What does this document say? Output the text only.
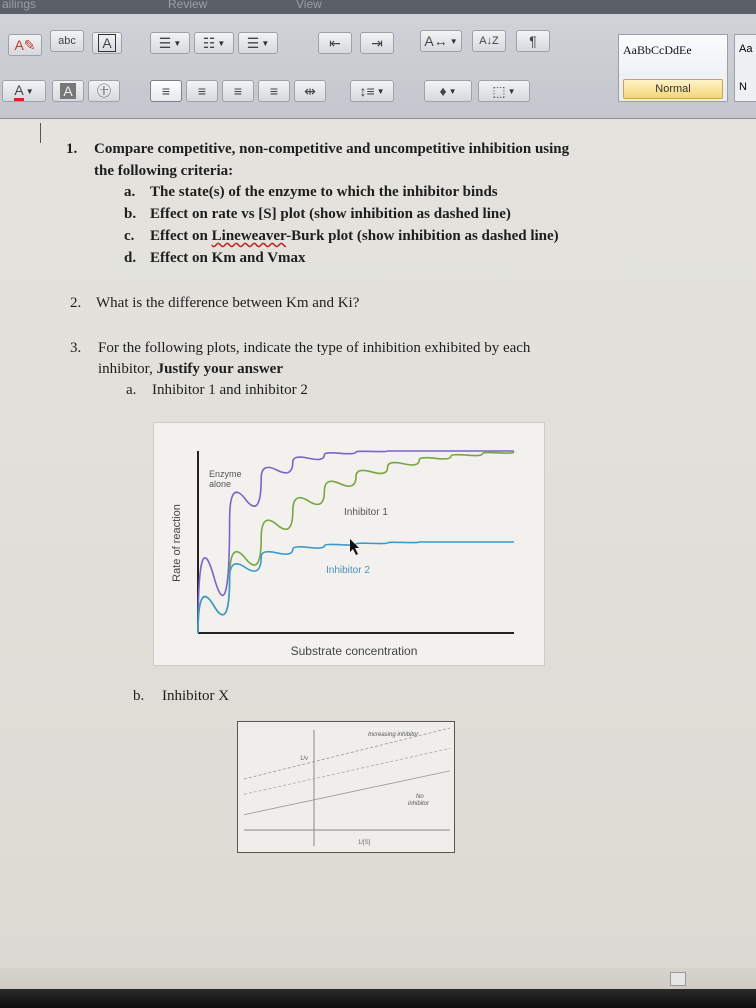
ailings	Review	View
A✎ abc A	☰ ▼ ☷ ▼ ☰ ▼	⇤ ⇥	A↔ ▼ A↓Z ¶
A ▼ A ㊉	≡ ≡ ≡ ≡ ⇹	↕≡ ▼	♦ ▼	⬚ ▼
AaBbCcDdEe
Normal
Aa
N
1. Compare competitive, non-competitive and uncompetitive inhibition using
the following criteria:
a. The state(s) of the enzyme to which the inhibitor binds
b. Effect on rate vs [S] plot (show inhibition as dashed line)
c. Effect on Lineweaver-Burk plot (show inhibition as dashed line)
d. Effect on Km and Vmax
2. What is the difference between Km and Ki?
3. For the following plots, indicate the type of inhibition exhibited by each
inhibitor, Justify your answer
a. Inhibitor 1 and inhibitor 2
b. Inhibitor X
Rate of reaction
Substrate concentration
Enzyme alone
Inhibitor 1
Inhibitor 2
1/v
1/[S]
Increasing inhibitor
No inhibitor
